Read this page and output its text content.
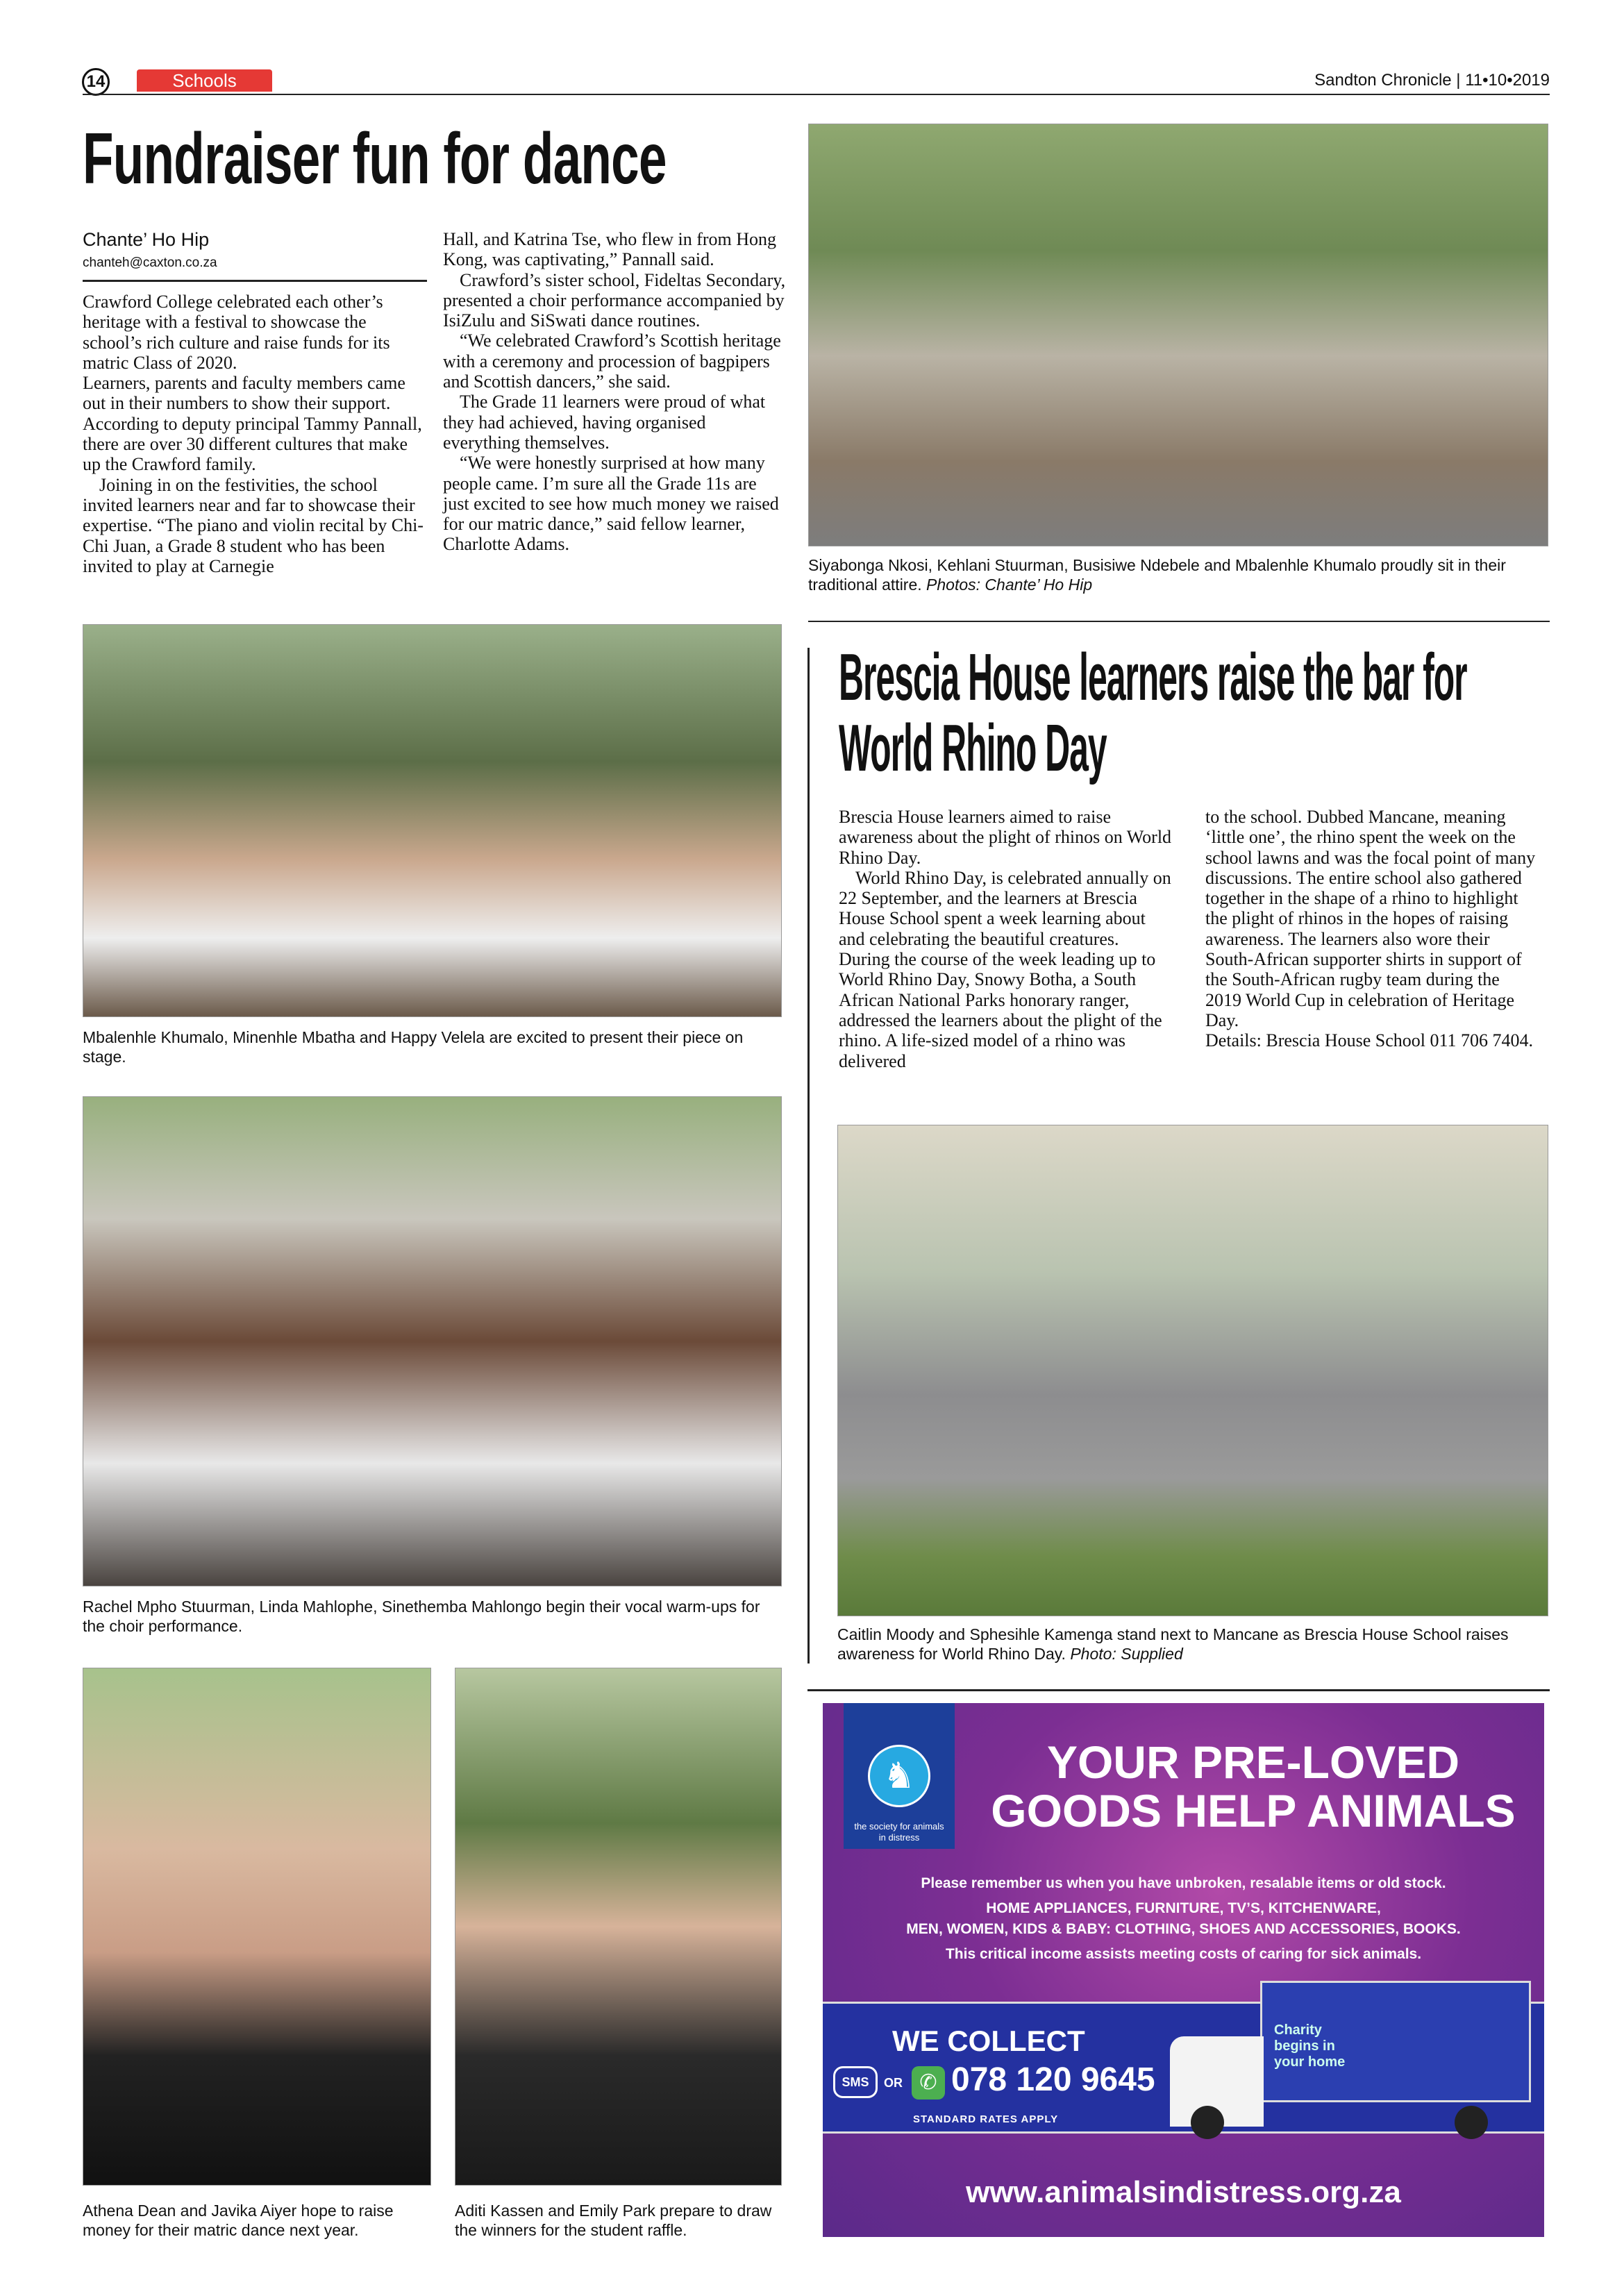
14	Schools	Sandton Chronicle | 11•10•2019
Fundraiser fun for dance
Chante’ Ho Hip
chanteh@caxton.co.za

Crawford College celebrated each other’s heritage with a festival to showcase the school’s rich culture and raise funds for its matric Class of 2020.

Learners, parents and faculty members came out in their numbers to show their support. According to deputy principal Tammy Pannall, there are over 30 different cultures that make up the Crawford family.

Joining in on the festivities, the school invited learners near and far to showcase their expertise. “The piano and violin recital by Chi-Chi Juan, a Grade 8 student who has been invited to play at Carnegie

Hall, and Katrina Tse, who flew in from Hong Kong, was captivating,” Pannall said.

Crawford’s sister school, Fideltas Secondary, presented a choir performance accompanied by IsiZulu and SiSwati dance routines.

“We celebrated Crawford’s Scottish heritage with a ceremony and procession of bagpipers and Scottish dancers,” she said.

The Grade 11 learners were proud of what they had achieved, having organised everything themselves.

“We were honestly surprised at how many people came. I’m sure all the Grade 11s are just excited to see how much money we raised for our matric dance,” said fellow learner, Charlotte Adams.

Siyabonga Nkosi, Kehlani Stuurman, Busisiwe Ndebele and Mbalenhle Khumalo proudly sit in their traditional attire. Photos: Chante’ Ho Hip
Mbalenhle Khumalo, Minenhle Mbatha and Happy Velela are excited to present their piece on stage.
Rachel Mpho Stuurman, Linda Mahlophe, Sinethemba Mahlongo begin their vocal warm-ups for the choir performance.
Athena Dean and Javika Aiyer hope to raise money for their matric dance next year.
Aditi Kassen and Emily Park prepare to draw the winners for the student raffle.
Brescia House learners raise the bar for World Rhino Day

Brescia House learners aimed to raise awareness about the plight of rhinos on World Rhino Day.

World Rhino Day, is celebrated annually on 22 September, and the learners at Brescia House School spent a week learning about and celebrating the beautiful creatures. During the course of the week leading up to World Rhino Day, Snowy Botha, a South African National Parks honorary ranger, addressed the learners about the plight of the rhino. A life-sized model of a rhino was delivered

to the school. Dubbed Mancane, meaning ‘little one’, the rhino spent the week on the school lawns and was the focal point of many discussions. The entire school also gathered together in the shape of a rhino to highlight the plight of rhinos in the hopes of raising awareness. The learners also wore their South-African supporter shirts in support of the South-African rugby team during the 2019 World Cup in celebration of Heritage Day.

Details: Brescia House School 011 706 7404.

Caitlin Moody and Sphesihle Kamenga stand next to Mancane as Brescia House School raises awareness for World Rhino Day. Photo: Supplied
♞
the society for animals in distress
YOUR PRE-LOVED
GOODS HELP ANIMALS
Please remember us when you have unbroken, resalable items or old stock.
HOME APPLIANCES, FURNITURE, TV’S, KITCHENWARE,
MEN, WOMEN, KIDS & BABY: CLOTHING, SHOES AND ACCESSORIES, BOOKS.
This critical income assists meeting costs of caring for sick animals.
WE COLLECT
SMS	OR ✆ 078 120 9645
STANDARD RATES APPLY
Charity begins in your home
www.animalsindistress.org.za
